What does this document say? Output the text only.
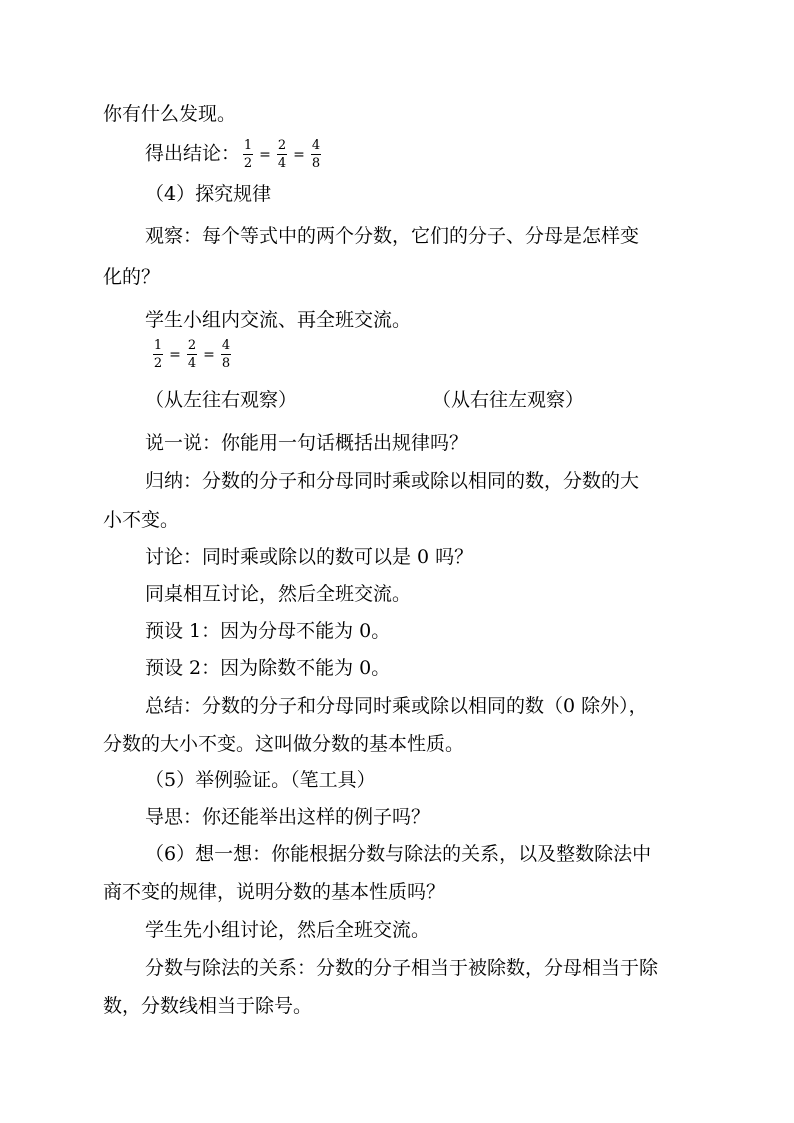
你有什么发现。
得出结论： $\frac{1}{2} = \frac{2}{4} = \frac{4}{8}$
（4）探究规律
观察：每个等式中的两个分数，它们的分子、分母是怎样变
化的？
学生小组内交流、再全班交流。
$\frac{1}{2} = \frac{2}{4} = \frac{4}{8}$
（从左往右观察）	（从右往左观察）
说一说：你能用一句话概括出规律吗？
归纳：分数的分子和分母同时乘或除以相同的数，分数的大
小不变。
讨论：同时乘或除以的数可以是 0 吗？
同桌相互讨论，然后全班交流。
预设 1：因为分母不能为 0。
预设 2：因为除数不能为 0。
总结：分数的分子和分母同时乘或除以相同的数（0 除外），
分数的大小不变。这叫做分数的基本性质。
（5）举例验证。（笔工具）
导思：你还能举出这样的例子吗？
（6）想一想：你能根据分数与除法的关系，以及整数除法中
商不变的规律，说明分数的基本性质吗？
学生先小组讨论，然后全班交流。
分数与除法的关系：分数的分子相当于被除数，分母相当于除
数，分数线相当于除号。
